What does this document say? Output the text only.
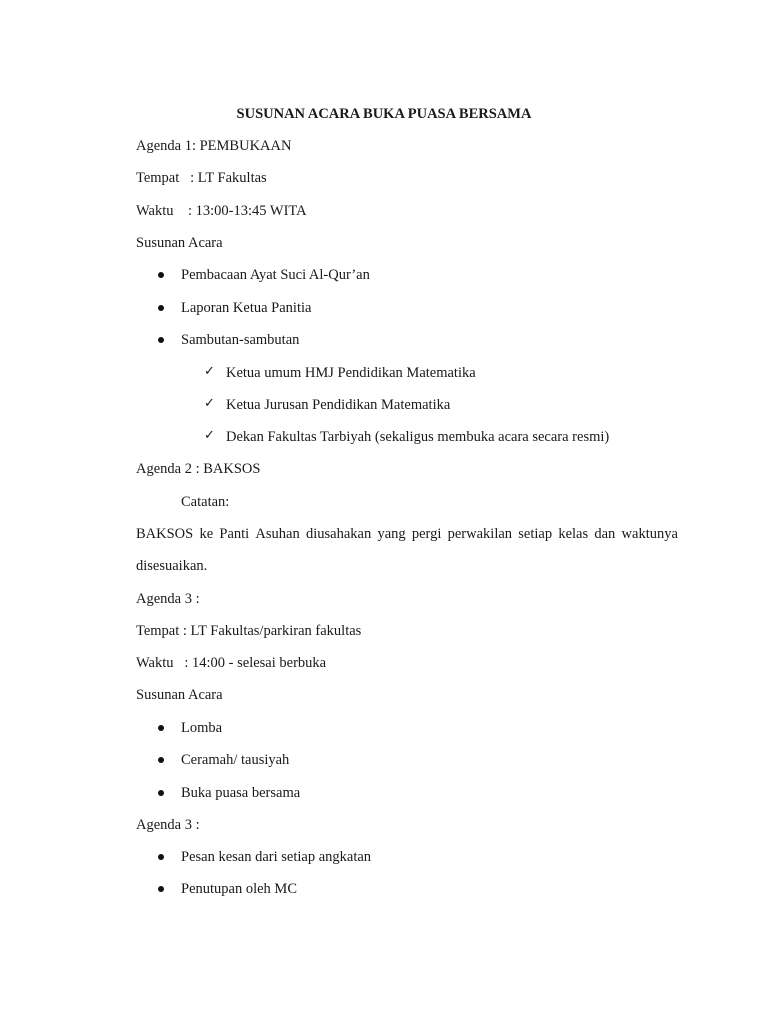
SUSUNAN ACARA BUKA PUASA BERSAMA

Agenda 1: PEMBUKAAN

Tempat   : LT Fakultas

Waktu    : 13:00-13:45 WITA

Susunan Acara

Pembacaan Ayat Suci Al-Qur’an

Laporan Ketua Panitia

Sambutan-sambutan

✓ Ketua umum HMJ Pendidikan Matematika

✓ Ketua Jurusan Pendidikan Matematika

✓ Dekan Fakultas Tarbiyah (sekaligus membuka acara secara resmi)

Agenda 2 : BAKSOS

Catatan:

BAKSOS ke Panti Asuhan diusahakan yang pergi perwakilan setiap kelas dan waktunya

disesuaikan.

Agenda 3 :

Tempat : LT Fakultas/parkiran fakultas

Waktu   : 14:00 - selesai berbuka

Susunan Acara

Lomba

Ceramah/ tausiyah

Buka puasa bersama

Agenda 3 :

Pesan kesan dari setiap angkatan

Penutupan oleh MC
